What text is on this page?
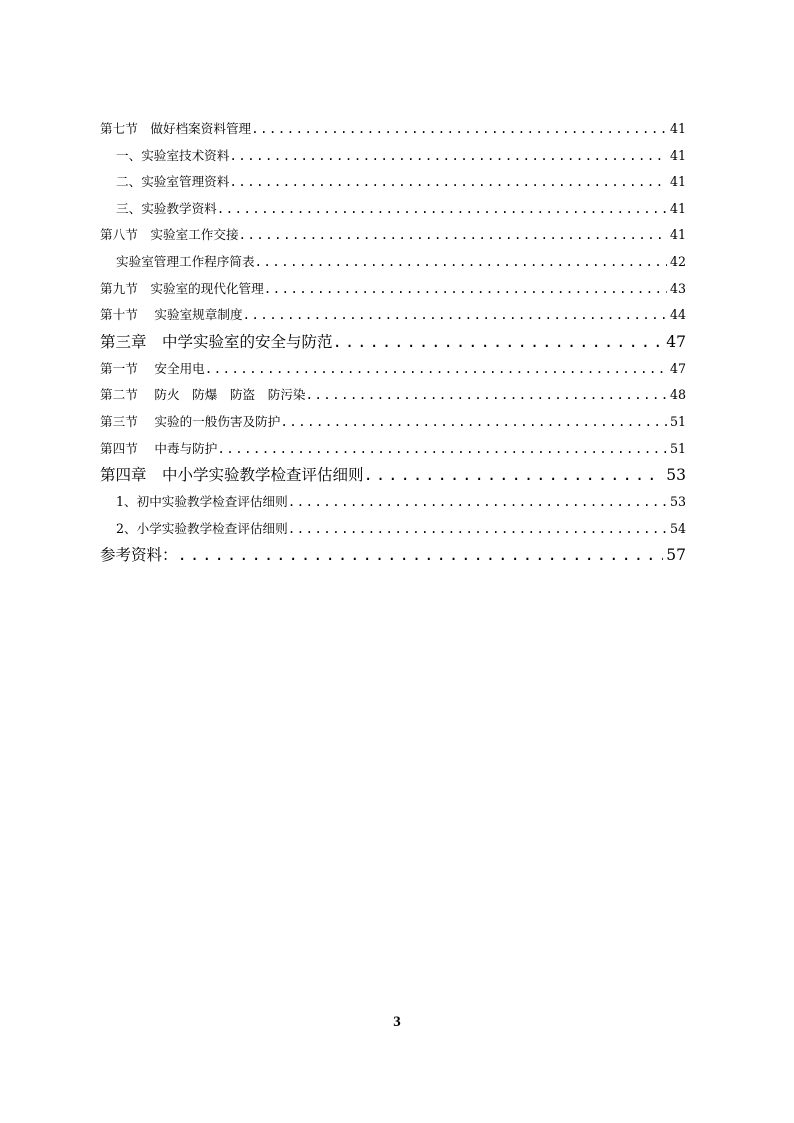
第七节　做好档案资料管理 .....	41
一、实验室技术资料 .....	41
二、实验室管理资料 .....	41
三、实验教学资料 .....	41
第八节　实验室工作交接 .....	41
实验室管理工作程序简表 .....	42
第九节　实验室的现代化管理 .....	43
第十节　 实验室规章制度 .....	44
第三章　中学实验室的安全与防范 .....	47
第一节　 安全用电 .....	47
第二节　 防火　防爆　防盗　防污染 .....	48
第三节　 实验的一般伤害及防护 .....	51
第四节　 中毒与防护 .....	51
第四章　中小学实验教学检查评估细则 .....	53
1、初中实验教学检查评估细则 .....	53
2、小学实验教学检查评估细则 .....	54
参考资料： .....	57
3
